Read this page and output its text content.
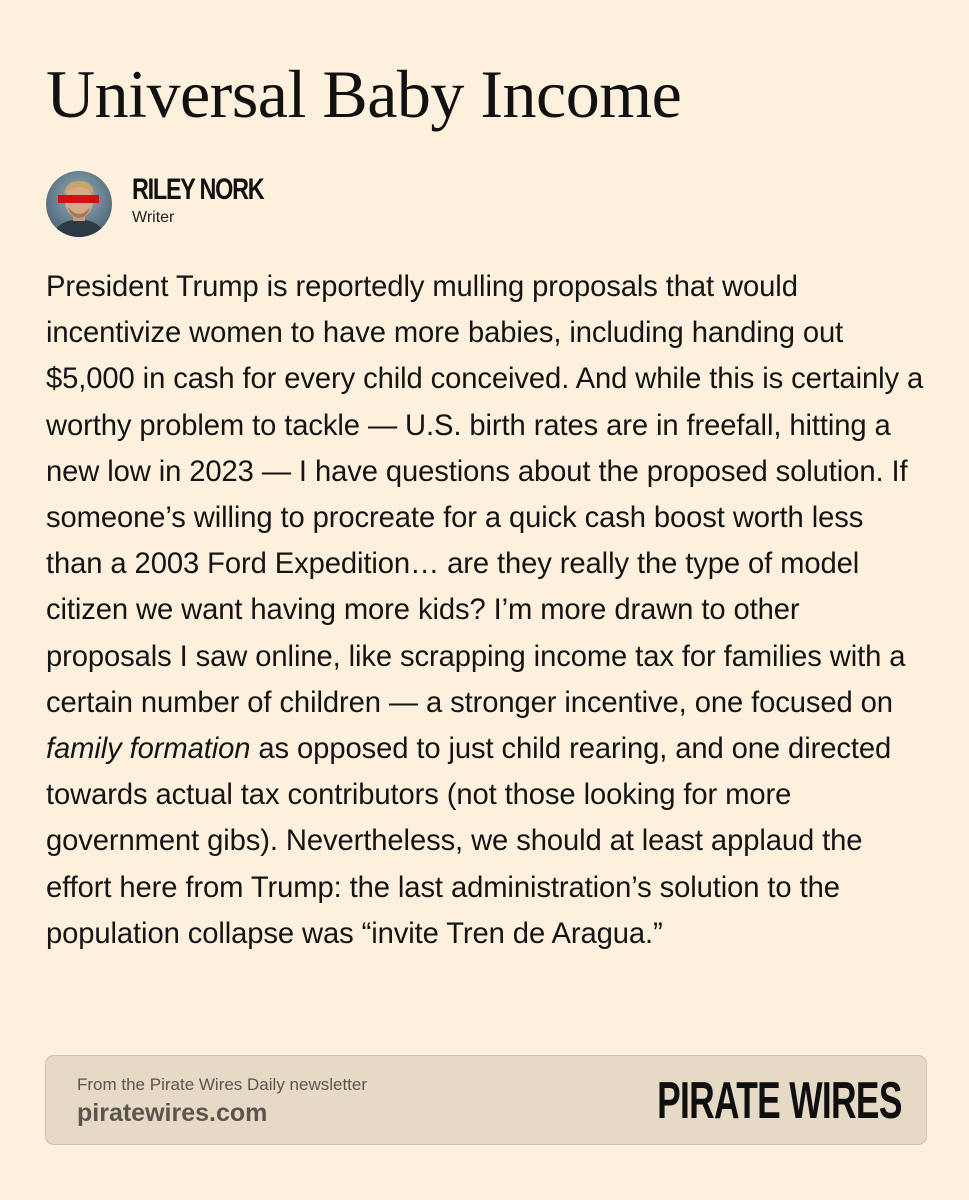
Universal Baby Income
RILEY NORK
Writer

President Trump is reportedly mulling proposals that would incentivize women to have more babies, including handing out $5,000 in cash for every child conceived. And while this is certainly a worthy problem to tackle — U.S. birth rates are in freefall, hitting a new low in 2023 — I have questions about the proposed solution. If someone’s willing to procreate for a quick cash boost worth less than a 2003 Ford Expedition… are they really the type of model citizen we want having more kids? I’m more drawn to other proposals I saw online, like scrapping income tax for families with a certain number of children — a stronger incentive, one focused on family formation as opposed to just child rearing, and one directed towards actual tax contributors (not those looking for more government gibs). Nevertheless, we should at least applaud the effort here from Trump: the last administration’s solution to the population collapse was “invite Tren de Aragua.”

From the Pirate Wires Daily newsletter
piratewires.com	PIRATE WIRES
